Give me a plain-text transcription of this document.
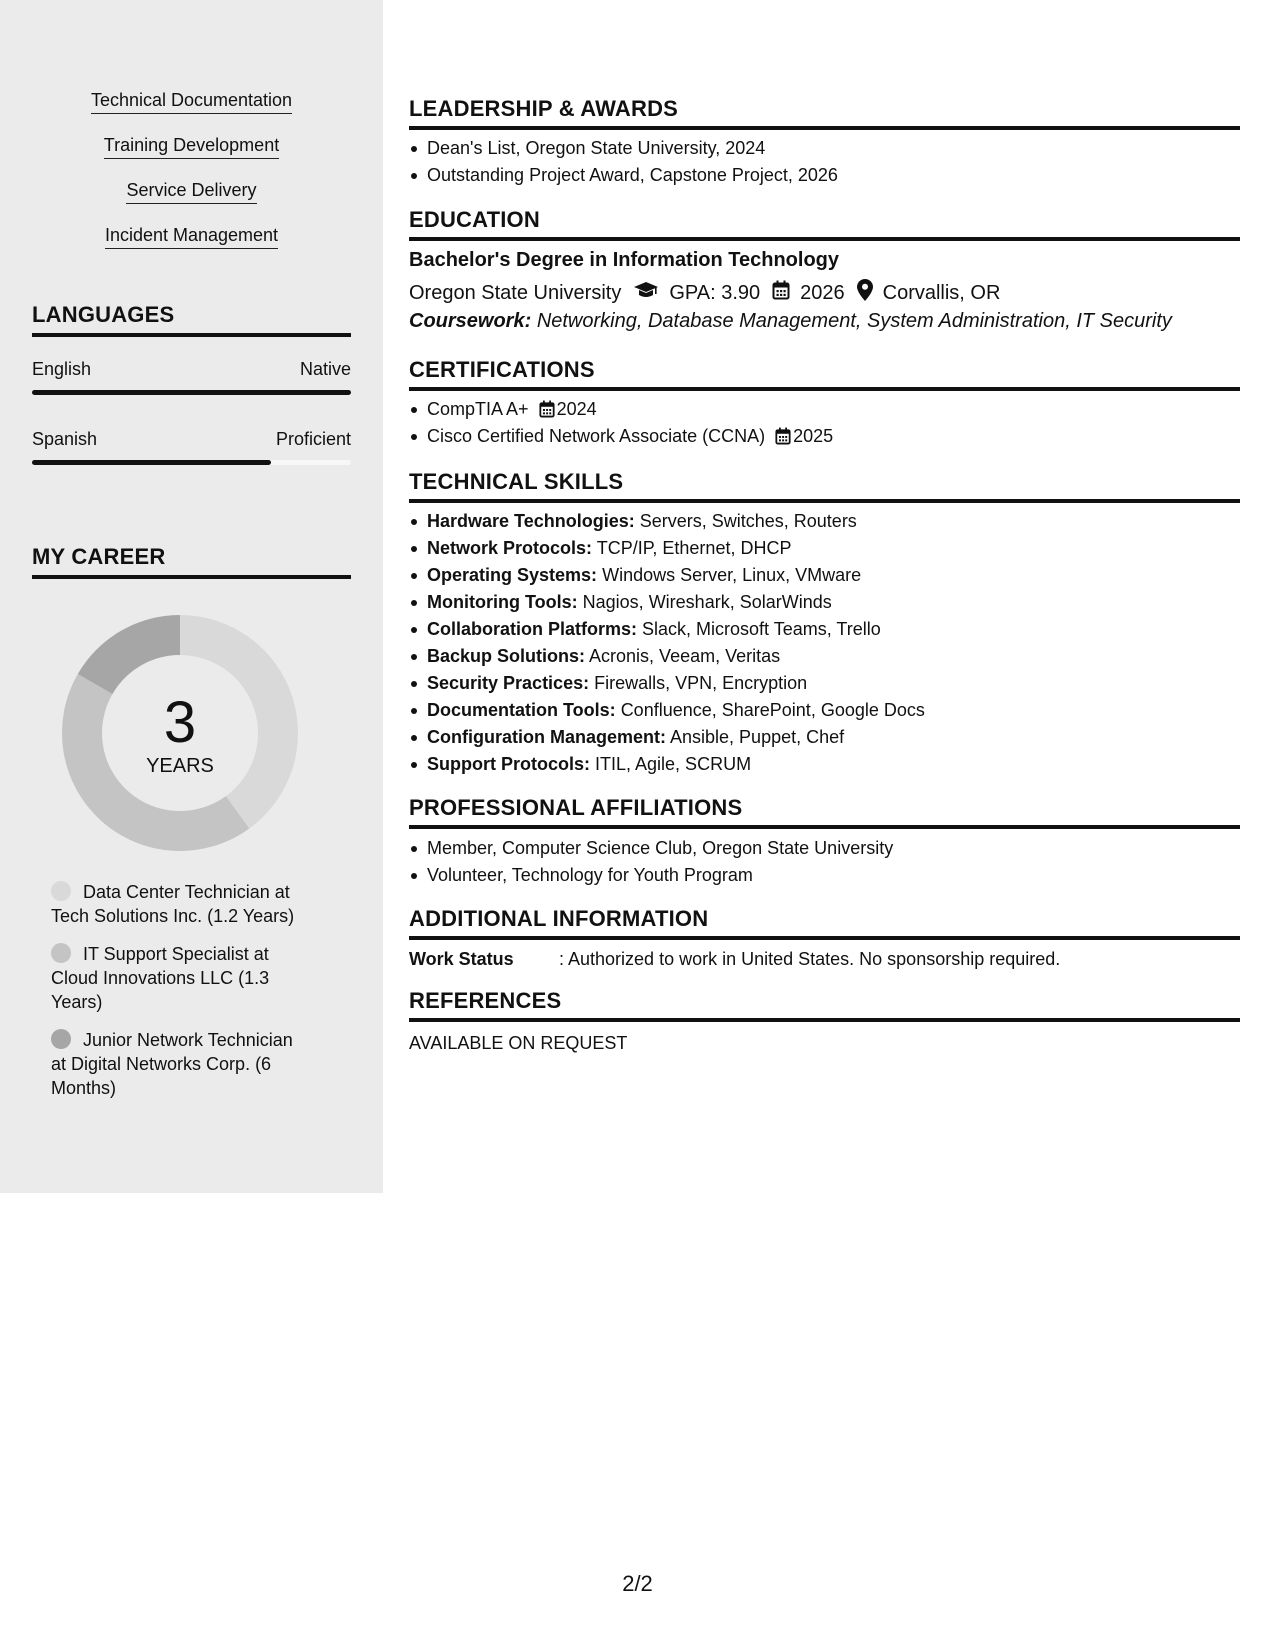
Technical Documentation
Training Development
Service Delivery
Incident Management
LANGUAGES
English	Native
Spanish	Proficient
MY CAREER
3
YEARS
Data Center Technician at Tech Solutions Inc. (1.2 Years)
IT Support Specialist at Cloud Innovations LLC (1.3 Years)
Junior Network Technician at Digital Networks Corp. (6 Months)
LEADERSHIP & AWARDS
Dean's List, Oregon State University, 2024
Outstanding Project Award, Capstone Project, 2026
EDUCATION
Bachelor's Degree in Information Technology
Oregon State University GPA: 3.90 2026 Corvallis, OR
Coursework: Networking, Database Management, System Administration, IT Security
CERTIFICATIONS
CompTIA A+ 2024
Cisco Certified Network Associate (CCNA) 2025
TECHNICAL SKILLS
Hardware Technologies: Servers, Switches, Routers
Network Protocols: TCP/IP, Ethernet, DHCP
Operating Systems: Windows Server, Linux, VMware
Monitoring Tools: Nagios, Wireshark, SolarWinds
Collaboration Platforms: Slack, Microsoft Teams, Trello
Backup Solutions: Acronis, Veeam, Veritas
Security Practices: Firewalls, VPN, Encryption
Documentation Tools: Confluence, SharePoint, Google Docs
Configuration Management: Ansible, Puppet, Chef
Support Protocols: ITIL, Agile, SCRUM
PROFESSIONAL AFFILIATIONS
Member, Computer Science Club, Oregon State University
Volunteer, Technology for Youth Program
ADDITIONAL INFORMATION
Work Status	: Authorized to work in United States. No sponsorship required.
REFERENCES
AVAILABLE ON REQUEST
2/2
